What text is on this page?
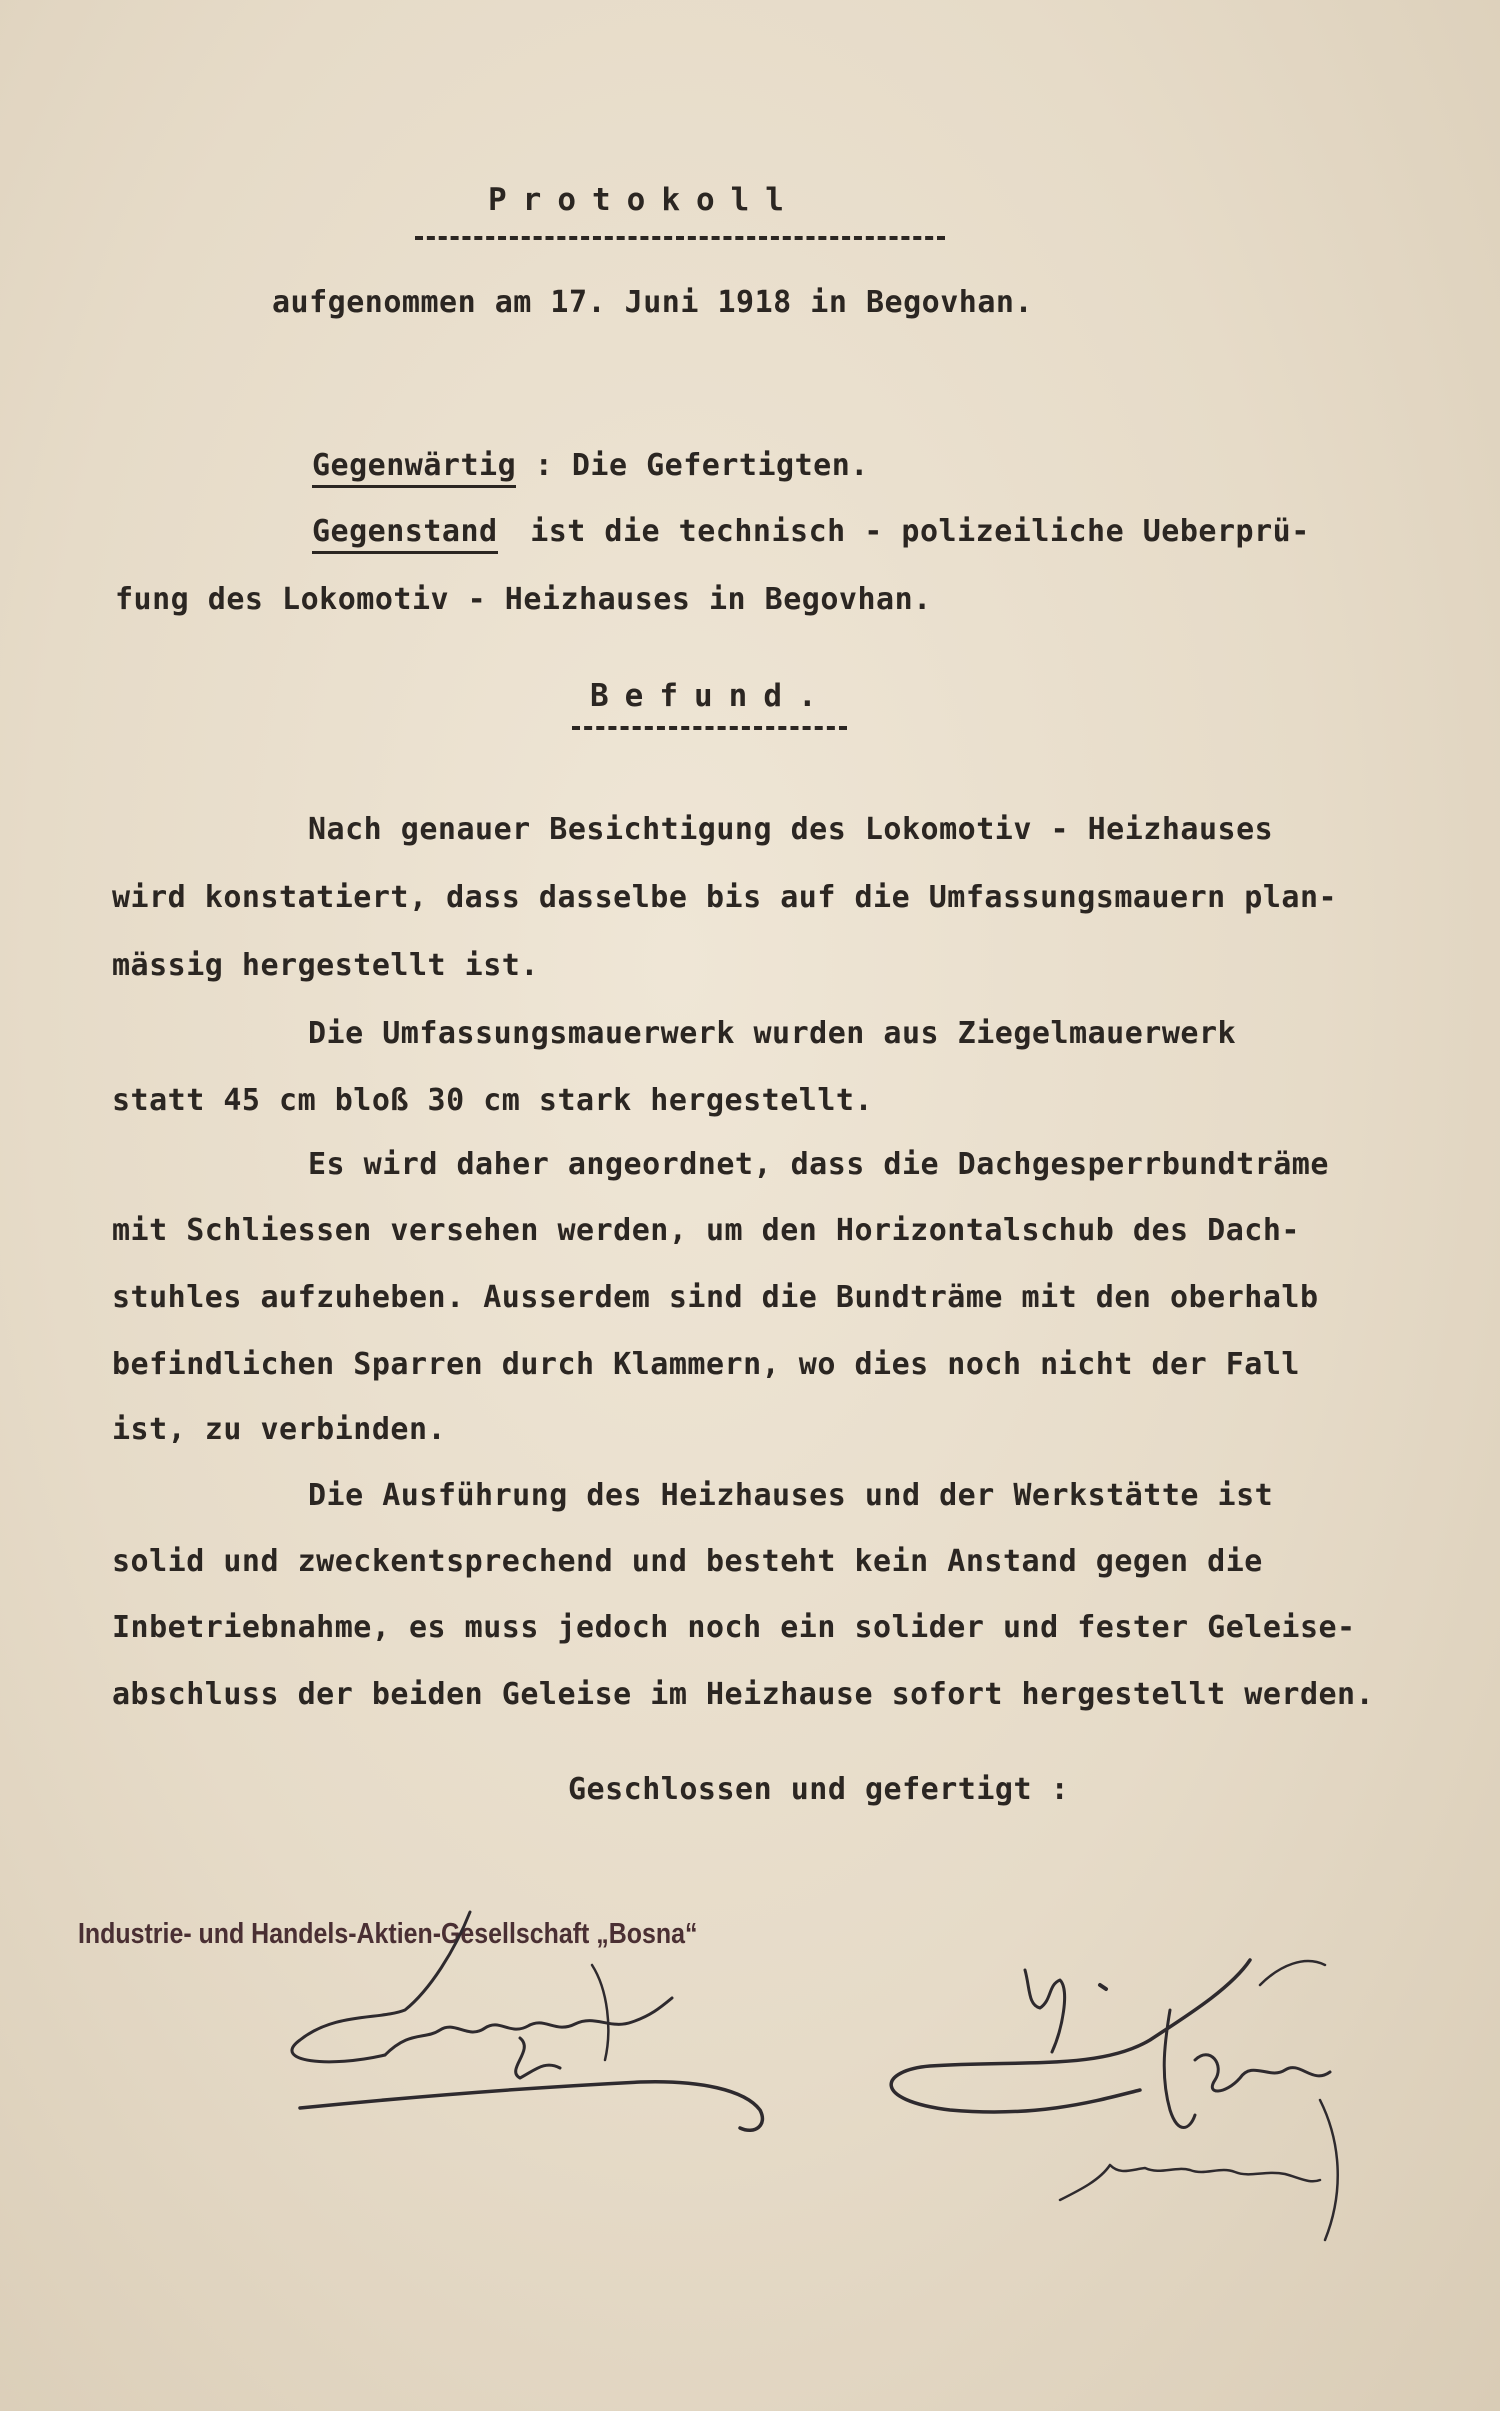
Protokoll
aufgenommen am 17. Juni 1918 in Begovhan.
Gegenwärtig : Die Gefertigten.
Gegenstand ist die technisch - polizeiliche Ueberprü-
fung des Lokomotiv - Heizhauses in Begovhan.
Befund.
Nach genauer Besichtigung des Lokomotiv - Heizhauses
wird konstatiert, dass dasselbe bis auf die Umfassungsmauern plan-
mässig hergestellt ist.
Die Umfassungsmauerwerk wurden aus Ziegelmauerwerk
statt 45 cm bloß 30 cm stark hergestellt.
Es wird daher angeordnet, dass die Dachgesperrbundträme
mit Schliessen versehen werden, um den Horizontalschub des Dach-
stuhles aufzuheben. Ausserdem sind die Bundträme mit den oberhalb
befindlichen Sparren durch Klammern, wo dies noch nicht der Fall
ist, zu verbinden.
Die Ausführung des Heizhauses und der Werkstätte ist
solid und zweckentsprechend und besteht kein Anstand gegen die
Inbetriebnahme, es muss jedoch noch ein solider und fester Geleise-
abschluss der beiden Geleise im Heizhause sofort hergestellt werden.
Geschlossen und gefertigt :
Industrie- und Handels-Aktien-Gesellschaft „Bosna“
